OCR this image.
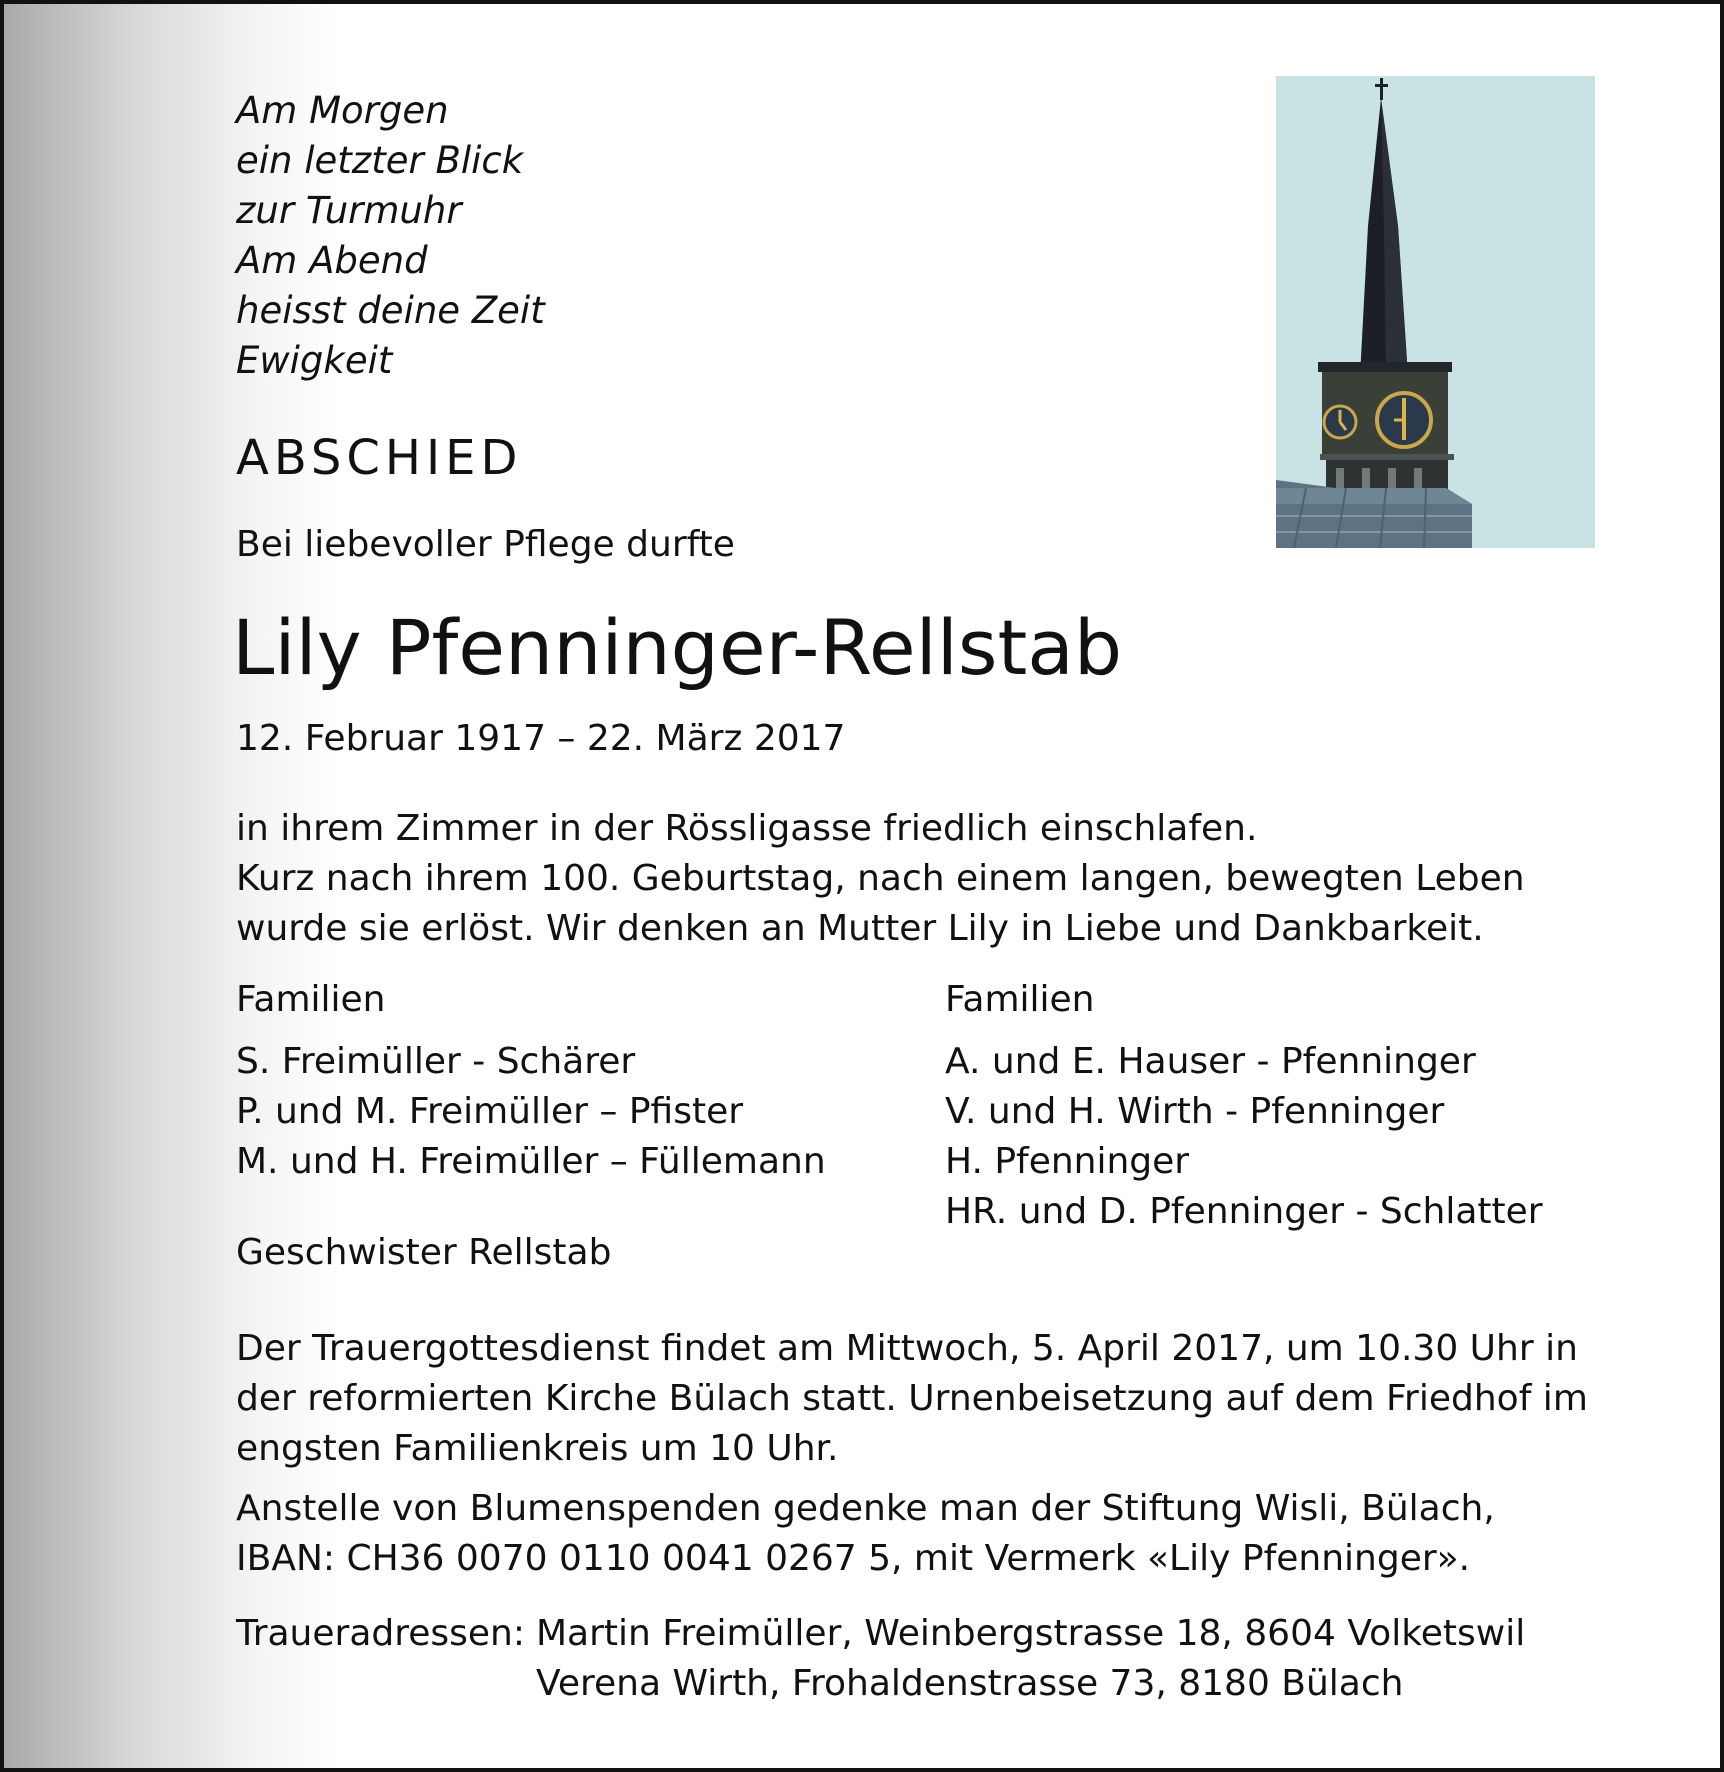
Am Morgen
ein letzter Blick
zur Turmuhr
Am Abend
heisst deine Zeit
Ewigkeit
ABSCHIED
Bei liebevoller Pflege durfte
Lily Pfenninger-Rellstab
12. Februar 1917 – 22. März 2017
in ihrem Zimmer in der Rössligasse friedlich einschlafen.
Kurz nach ihrem 100. Geburtstag, nach einem langen, bewegten Leben
wurde sie erlöst. Wir denken an Mutter Lily in Liebe und Dankbarkeit.
Familien
S. Freimüller - Schärer
P. und M. Freimüller – Pfister
M. und H. Freimüller – Füllemann
Geschwister Rellstab
Familien
A. und E. Hauser - Pfenninger
V. und H. Wirth - Pfenninger
H. Pfenninger
HR. und D. Pfenninger - Schlatter
Der Trauergottesdienst findet am Mittwoch, 5. April 2017, um 10.30 Uhr in
der reformierten Kirche Bülach statt. Urnenbeisetzung auf dem Friedhof im
engsten Familienkreis um 10 Uhr.
Anstelle von Blumenspenden gedenke man der Stiftung Wisli, Bülach,
IBAN: CH36 0070 0110 0041 0267 5, mit Vermerk «Lily Pfenninger».
Traueradressen: Martin Freimüller, Weinbergstrasse 18, 8604 Volketswil
Verena Wirth, Frohaldenstrasse 73, 8180 Bülach
